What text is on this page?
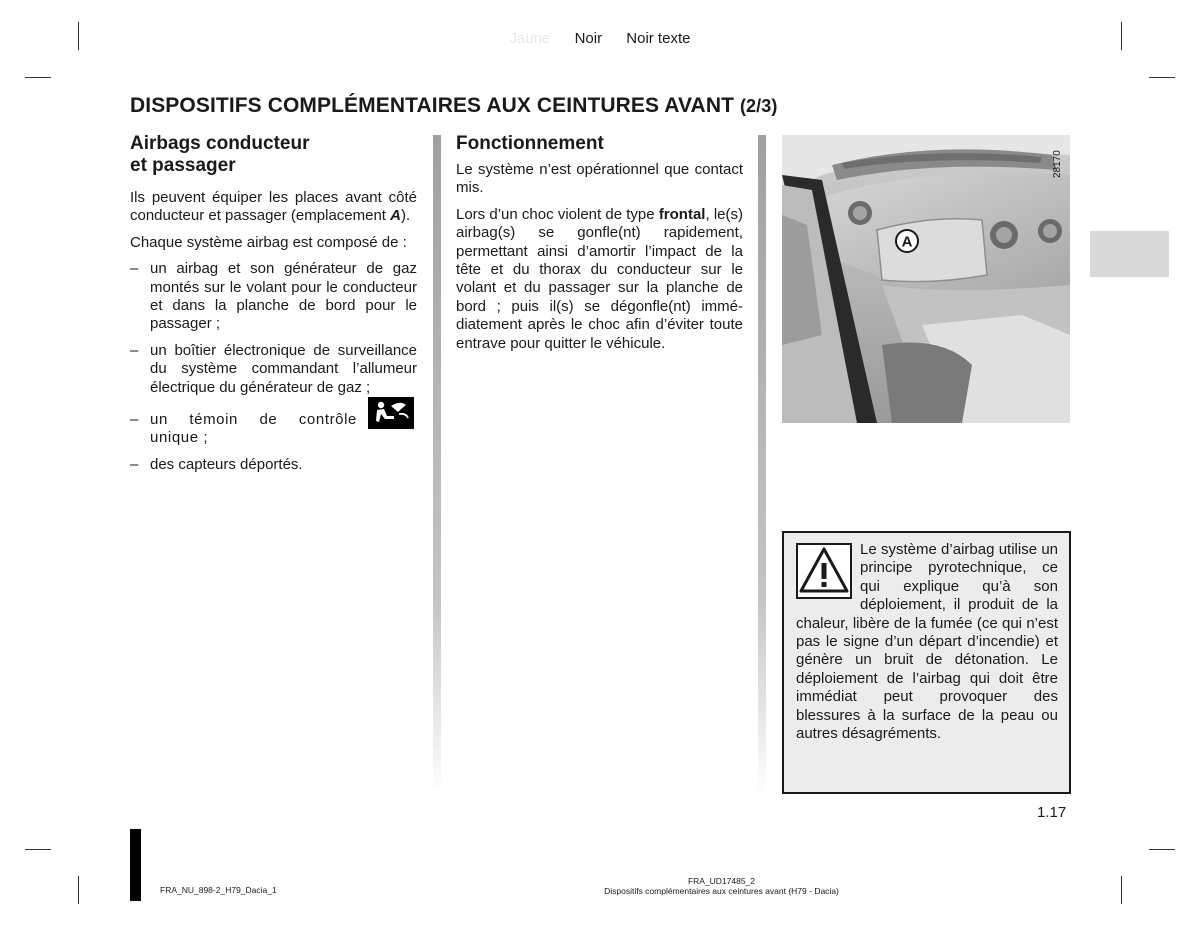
Jaune Noir Noir texte
DISPOSITIFS COMPLÉMENTAIRES AUX CEINTURES AVANT (2/3)
Airbags conducteur
et passager

Ils peuvent équiper les places avant côté conducteur et passager (emplacement A).

Chaque système airbag est composé de :

– un airbag et son générateur de gaz montés sur le volant pour le conducteur et dans la planche de bord pour le passager ;
– un boîtier électronique de surveillance du système commandant l’allumeur électrique du générateur de gaz ;
– un témoin de contrôle unique ;
– des capteurs déportés.
Fonctionnement

Le système n’est opérationnel que contact mis.

Lors d’un choc violent de type frontal, le(s) airbag(s) se gonfle(nt) rapidement, permettant ainsi d’amortir l’impact de la tête et du thorax du conducteur sur le volant et du passager sur la planche de bord ; puis il(s) se dégonfle(nt) immédiatement après le choc afin d’éviter toute entrave pour quitter le véhicule.

A
28170
Le système d’airbag utilise un principe pyrotechnique, ce qui explique qu’à son déploiement, il produit de la chaleur, libère de la fumée (ce qui n’est pas le signe d’un départ d’incendie) et génère un bruit de détonation. Le déploiement de l’airbag qui doit être immédiat peut provoquer des blessures à la surface de la peau ou autres désagréments.
1.17
FRA_NU_898-2_H79_Dacia_1
FRA_UD17485_2
Dispositifs complémentaires aux ceintures avant (H79 - Dacia)
